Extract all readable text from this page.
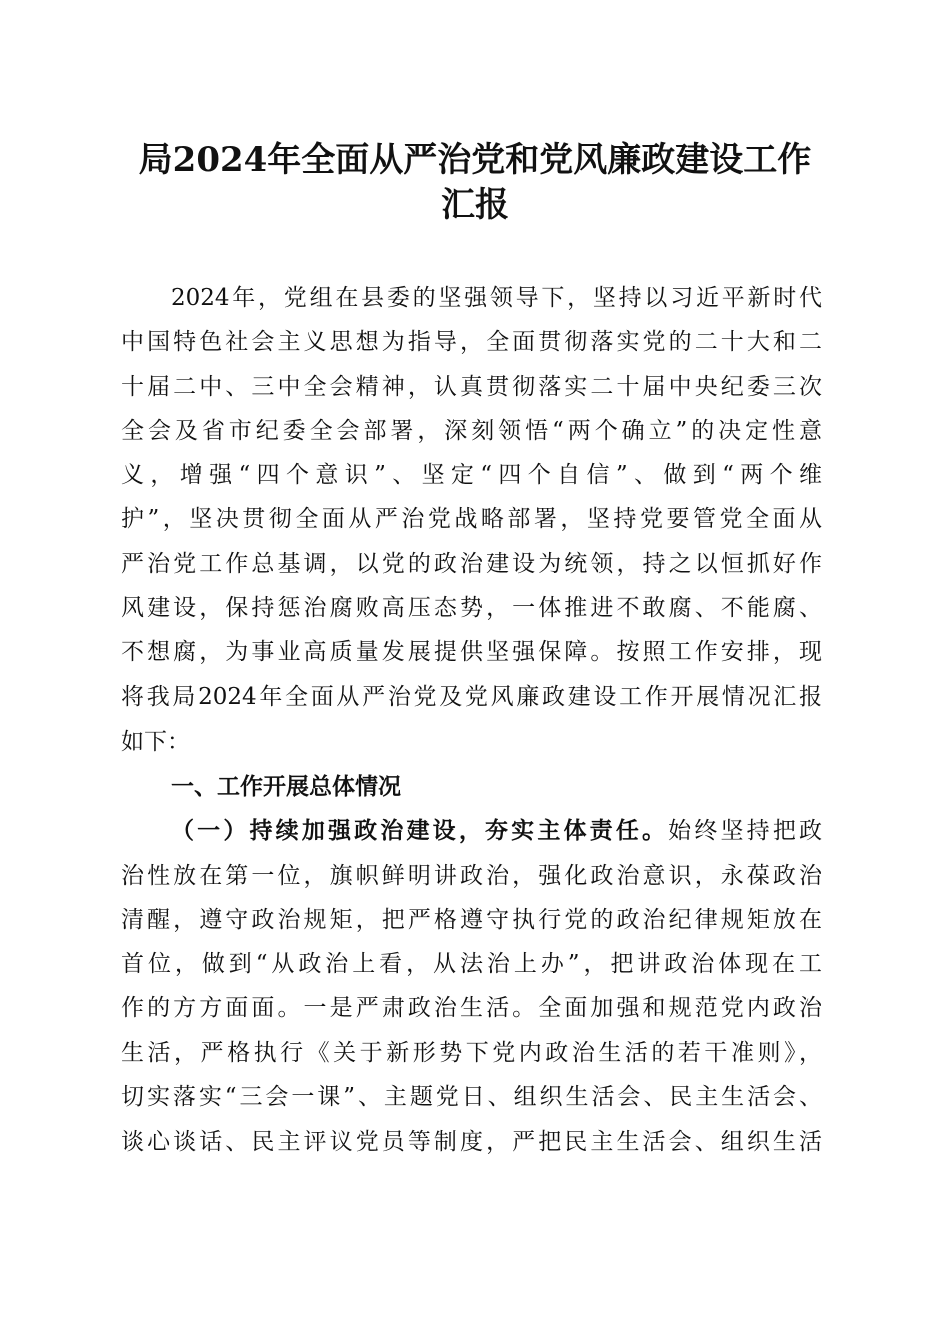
局2024年全面从严治党和党风廉政建设工作
汇报
2024年，党组在县委的坚强领导下，坚持以习近平新时代
中国特色社会主义思想为指导，全面贯彻落实党的二十大和二
十届二中、三中全会精神，认真贯彻落实二十届中央纪委三次
全会及省市纪委全会部署，深刻领悟“两个确立”的决定性意
义，增强“四个意识”、坚定“四个自信”、做到“两个维
护”，坚决贯彻全面从严治党战略部署，坚持党要管党全面从
严治党工作总基调，以党的政治建设为统领，持之以恒抓好作
风建设，保持惩治腐败高压态势，一体推进不敢腐、不能腐、
不想腐，为事业高质量发展提供坚强保障。按照工作安排，现
将我局2024年全面从严治党及党风廉政建设工作开展情况汇报
如下：
一、工作开展总体情况
（一）持续加强政治建设，夯实主体责任。始终坚持把政
治性放在第一位，旗帜鲜明讲政治，强化政治意识，永葆政治
清醒，遵守政治规矩，把严格遵守执行党的政治纪律规矩放在
首位，做到“从政治上看，从法治上办”，把讲政治体现在工
作的方方面面。一是严肃政治生活。全面加强和规范党内政治
生活，严格执行《关于新形势下党内政治生活的若干准则》，
切实落实“三会一课”、主题党日、组织生活会、民主生活会、
谈心谈话、民主评议党员等制度，严把民主生活会、组织生活
